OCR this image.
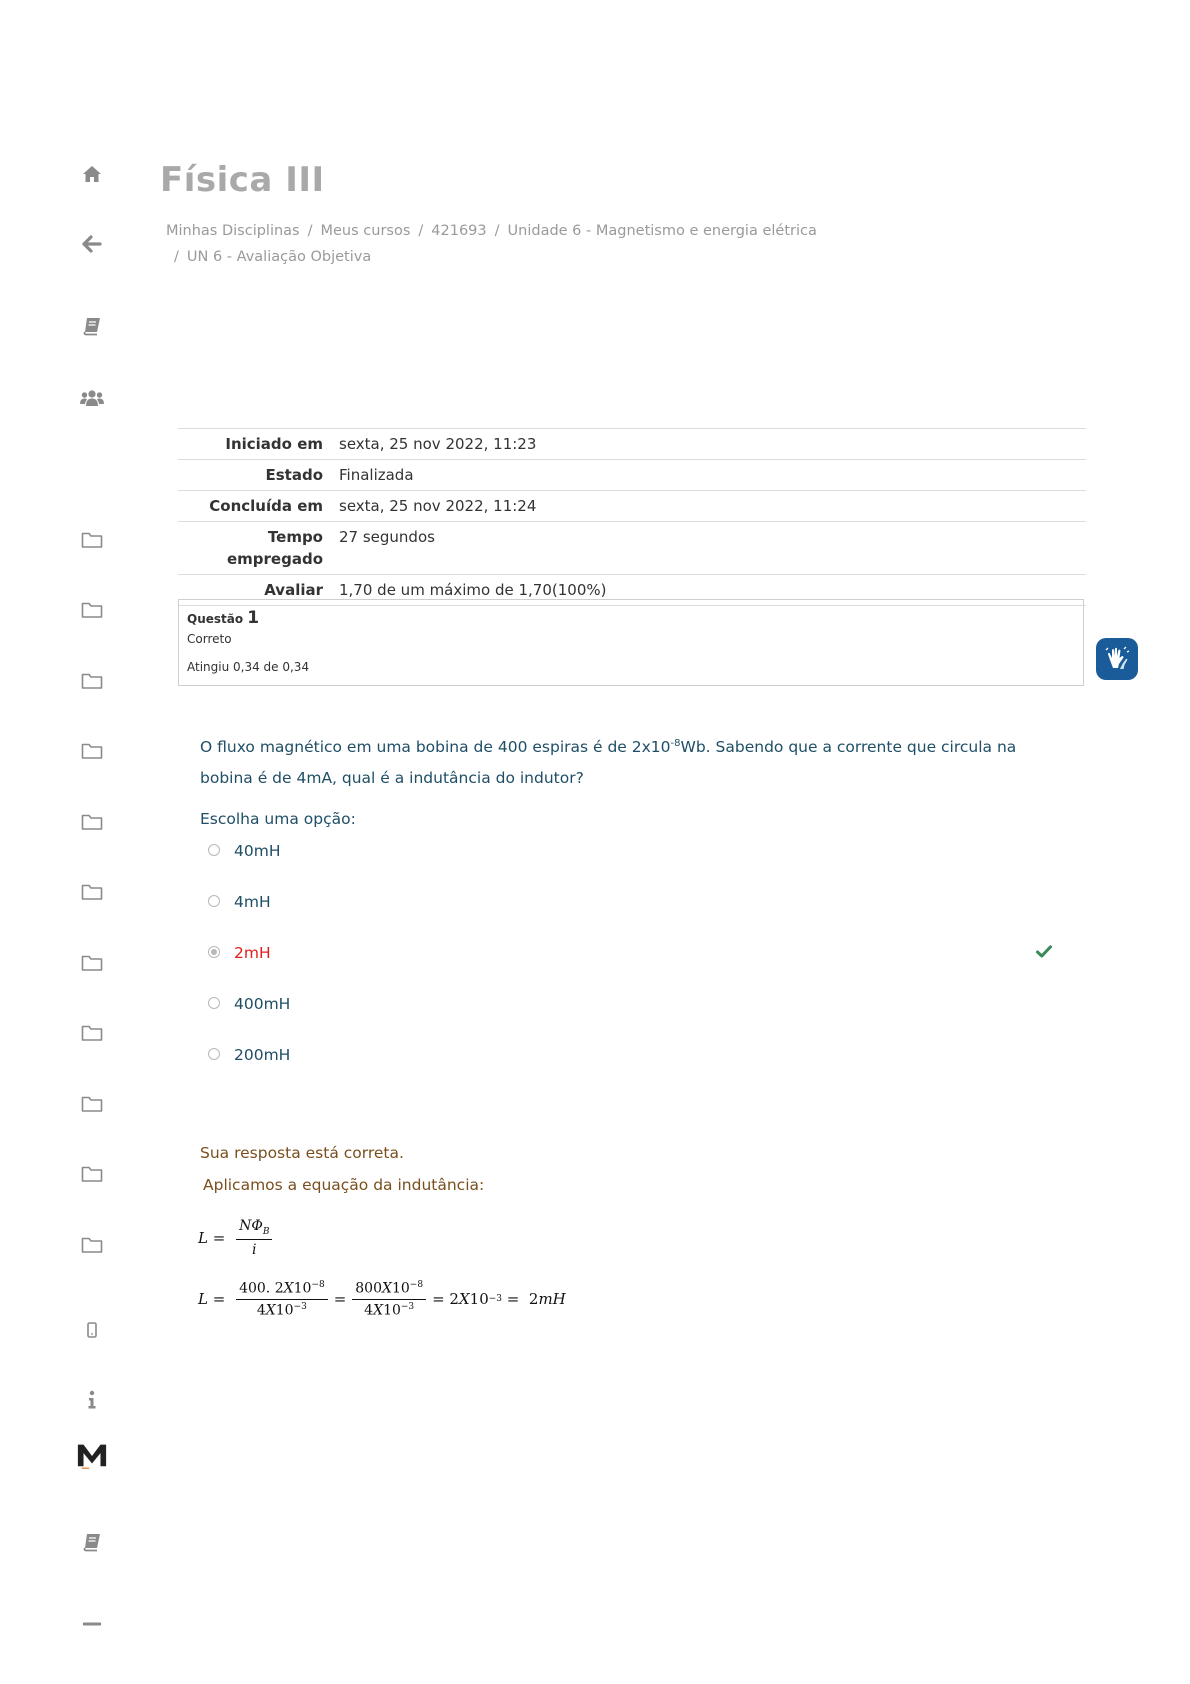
Física III
Minhas Disciplinas / Meus cursos / 421693 / Unidade 6 - Magnetismo e energia elétrica
/ UN 6 - Avaliação Objetiva
Iniciado em	sexta, 25 nov 2022, 11:23
Estado	Finalizada
Concluída em	sexta, 25 nov 2022, 11:24
Tempo empregado	27 segundos
Avaliar	1,70 de um máximo de 1,70(100%)
Questão 1
Correto
Atingiu 0,34 de 0,34
O fluxo magnético em uma bobina de 400 espiras é de $2x10^{-8}Wb$. Sabendo que a corrente que circula na bobina é de 4mA, qual é a indutância do indutor?
Escolha uma opção:
40mH
4mH
2mH
400mH
200mH
Sua resposta está correta.
Aplicamos a equação da indutância:
$L = \frac{N\Phi_B}{i}$
$L = \frac{400. 2X10^{-8}}{4X10^{-3}} = \frac{800X10^{-8}}{4X10^{-3}} = 2$ X 10 −3 =  2 mH
